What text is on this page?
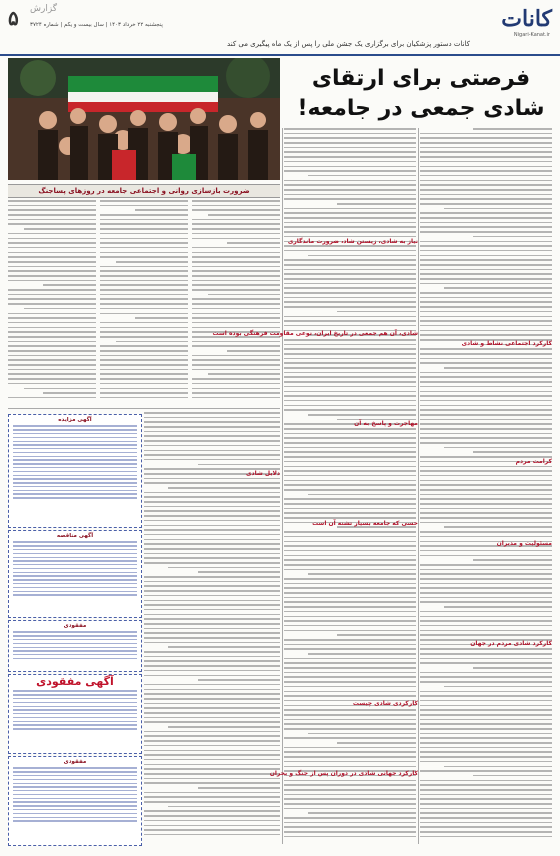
کانات
Nigari-Kanat.ir
۵ گزارش
پنجشنبه ۲۲ خرداد ۱۴۰۳ | سال بیست و یکم | شماره ۳۷۲۴
کانات دستور پزشکیان برای برگزاری یک جشن ملی را پس از یک ماه پیگیری می کند
فرصتی برای ارتقای
شادی جمعی در جامعه!
ضرورت بازسازی روانی و اجتماعی جامعه در روزهای پساجنگ
نیاز به شادی، زیستن شاد، ضرورت ماندگاری
شادی، آن هم جمعی در تاریخ ایران، نوعی مقاومت فرهنگی بوده است
کارکرد اجتماعی نشاط و شادی
مهاجرت و پاسخ به آن
کرامت مردم
حسی که جامعه بسیار تشنه آن است
مسئولیت و مدیران
دلایل شادی
کارکرد شادی مردم در جهان
کارکردی شادی چیست
کارکرد جهانی شادی در دوران پس از جنگ و بحران
آگهی مزایده
آگهی مناقصه
مفقودی
آگهی مفقودی
مفقودی
